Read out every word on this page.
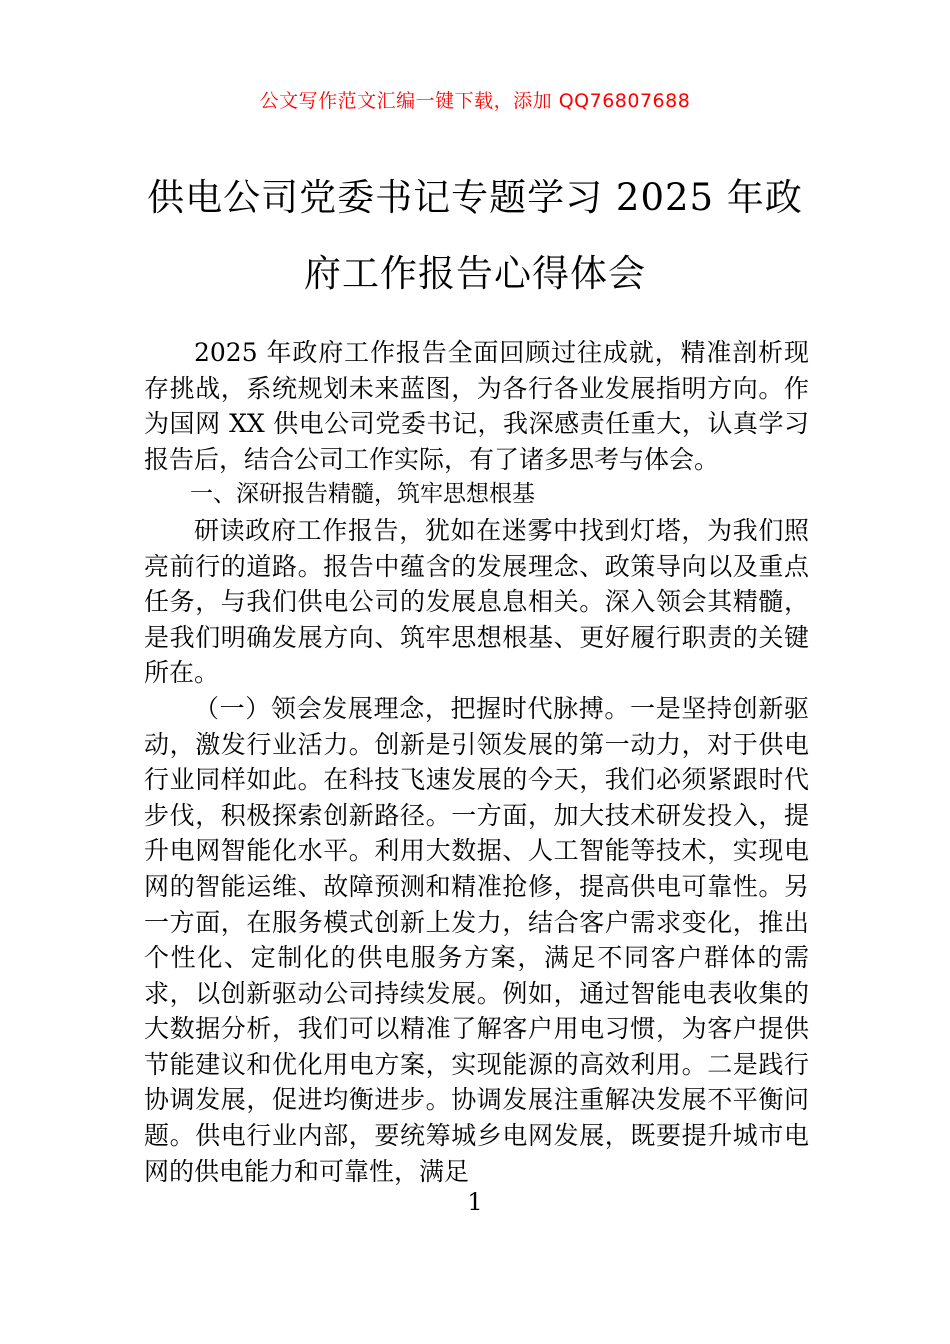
公文写作范文汇编一键下载，添加 QQ76807688
供电公司党委书记专题学习 2025 年政府工作报告心得体会

2025 年政府工作报告全面回顾过往成就，精准剖析现存挑战，系统规划未来蓝图，为各行各业发展指明方向。作为国网 XX 供电公司党委书记，我深感责任重大，认真学习报告后，结合公司工作实际，有了诸多思考与体会。

一、深研报告精髓，筑牢思想根基

研读政府工作报告，犹如在迷雾中找到灯塔，为我们照亮前行的道路。报告中蕴含的发展理念、政策导向以及重点任务，与我们供电公司的发展息息相关。深入领会其精髓，是我们明确发展方向、筑牢思想根基、更好履行职责的关键所在。

（一）领会发展理念，把握时代脉搏。一是坚持创新驱动，激发行业活力。创新是引领发展的第一动力，对于供电行业同样如此。在科技飞速发展的今天，我们必须紧跟时代步伐，积极探索创新路径。一方面，加大技术研发投入，提升电网智能化水平。利用大数据、人工智能等技术，实现电网的智能运维、故障预测和精准抢修，提高供电可靠性。另一方面，在服务模式创新上发力，结合客户需求变化，推出个性化、定制化的供电服务方案，满足不同客户群体的需求，以创新驱动公司持续发展。例如，通过智能电表收集的大数据分析，我们可以精准了解客户用电习惯，为客户提供节能建议和优化用电方案，实现能源的高效利用。二是践行协调发展，促进均衡进步。协调发展注重解决发展不平衡问题。供电行业内部，要统筹城乡电网发展，既要提升城市电网的供电能力和可靠性，满足

1
